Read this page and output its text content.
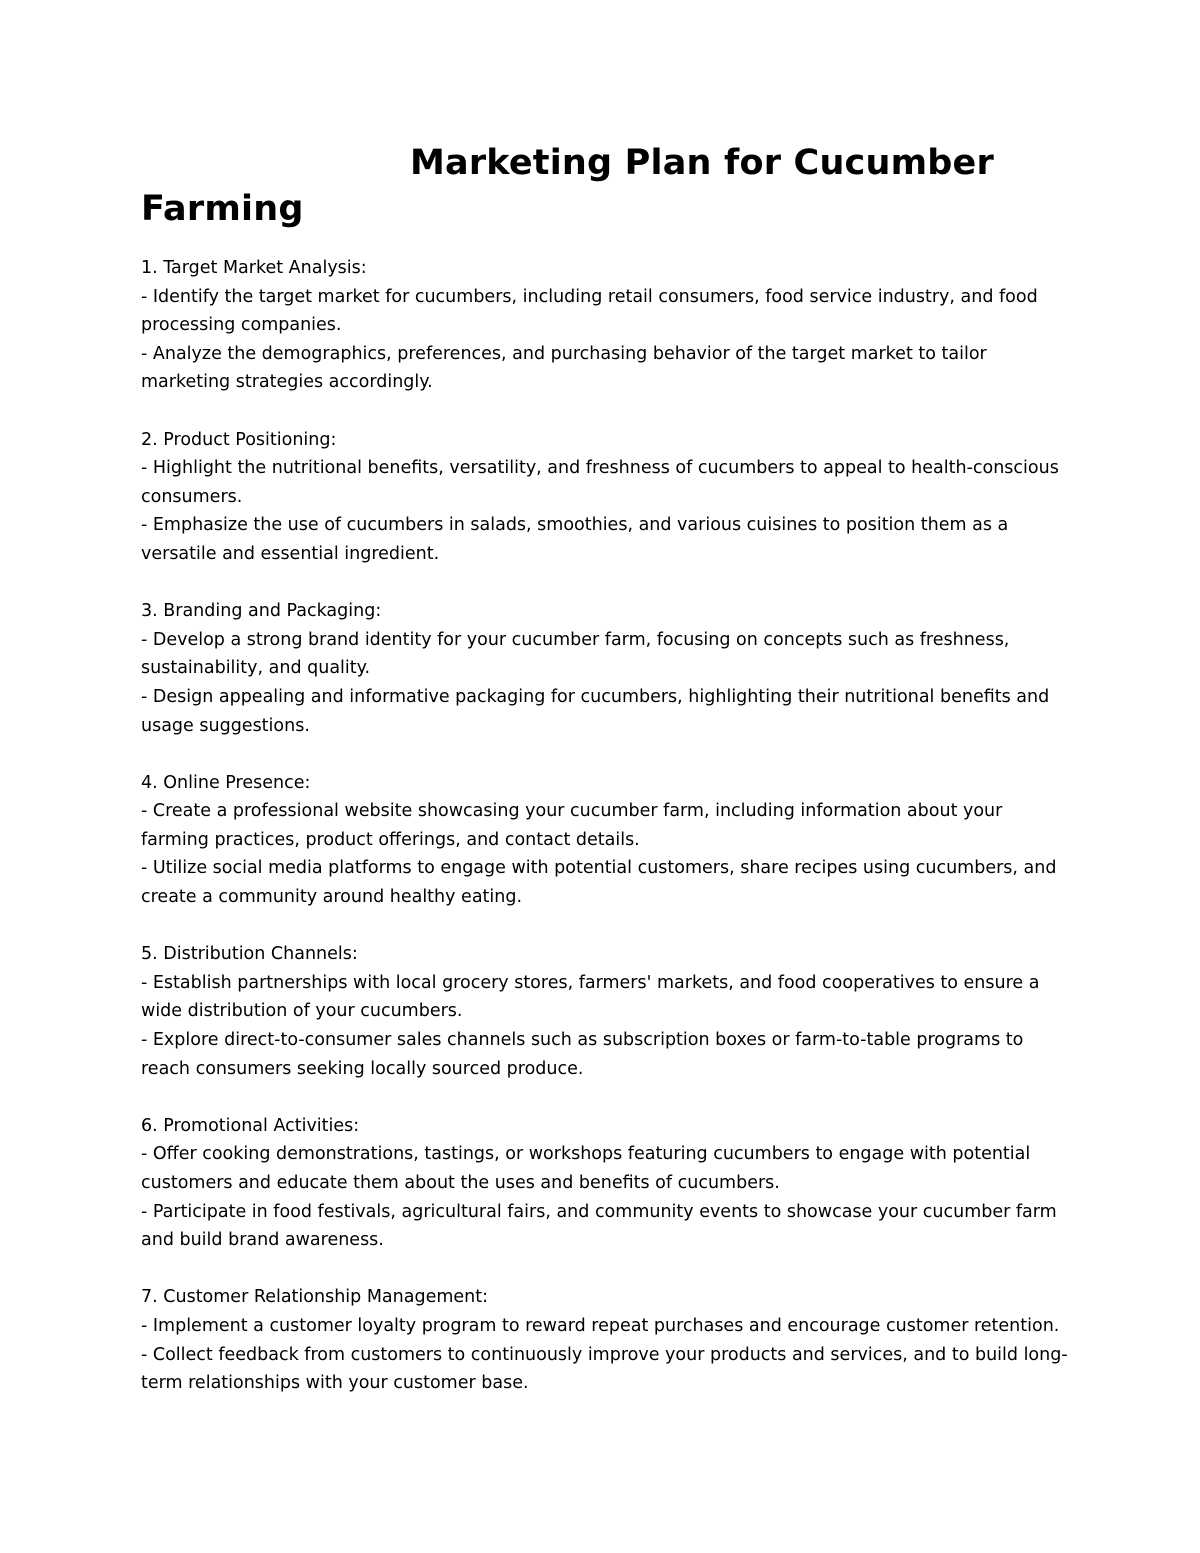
Marketing Plan for Cucumber Farming

1. Target Market Analysis:

- Identify the target market for cucumbers, including retail consumers, food service industry, and food processing companies.

- Analyze the demographics, preferences, and purchasing behavior of the target market to tailor marketing strategies accordingly.

2. Product Positioning:

- Highlight the nutritional benefits, versatility, and freshness of cucumbers to appeal to health-conscious consumers.

- Emphasize the use of cucumbers in salads, smoothies, and various cuisines to position them as a versatile and essential ingredient.

3. Branding and Packaging:

- Develop a strong brand identity for your cucumber farm, focusing on concepts such as freshness, sustainability, and quality.

- Design appealing and informative packaging for cucumbers, highlighting their nutritional benefits and usage suggestions.

4. Online Presence:

- Create a professional website showcasing your cucumber farm, including information about your farming practices, product offerings, and contact details.

- Utilize social media platforms to engage with potential customers, share recipes using cucumbers, and create a community around healthy eating.

5. Distribution Channels:

- Establish partnerships with local grocery stores, farmers' markets, and food cooperatives to ensure a wide distribution of your cucumbers.

- Explore direct-to-consumer sales channels such as subscription boxes or farm-to-table programs to reach consumers seeking locally sourced produce.

6. Promotional Activities:

- Offer cooking demonstrations, tastings, or workshops featuring cucumbers to engage with potential customers and educate them about the uses and benefits of cucumbers.

- Participate in food festivals, agricultural fairs, and community events to showcase your cucumber farm and build brand awareness.

7. Customer Relationship Management:

- Implement a customer loyalty program to reward repeat purchases and encourage customer retention.

- Collect feedback from customers to continuously improve your products and services, and to build long-term relationships with your customer base.
